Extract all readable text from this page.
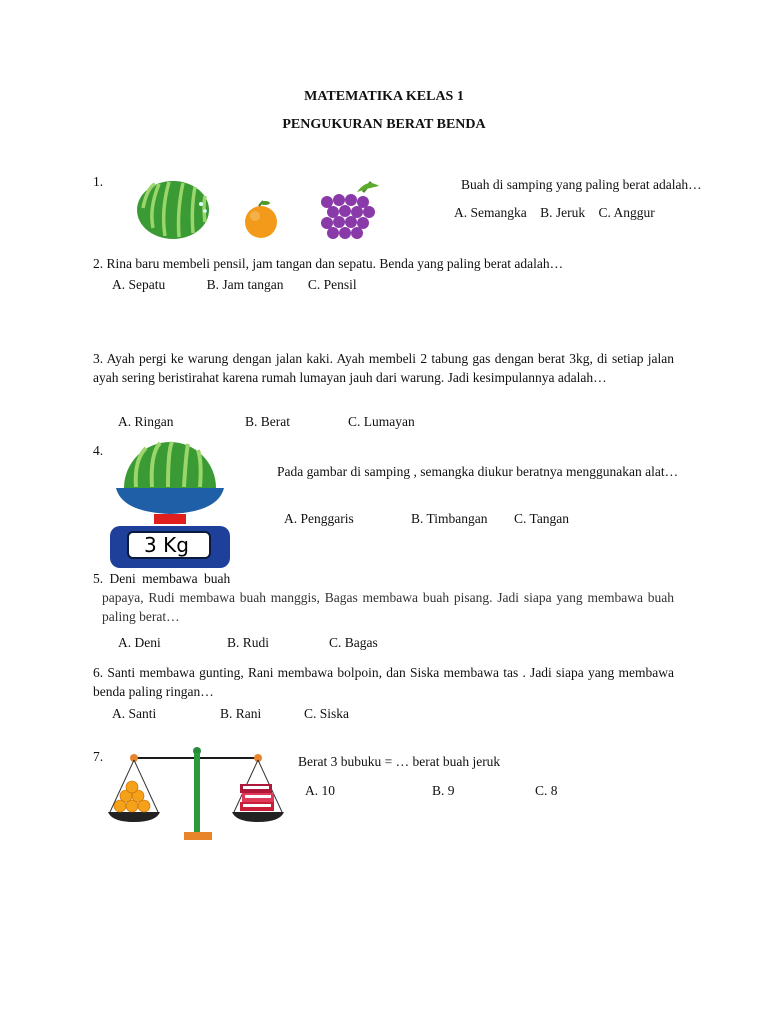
MATEMATIKA KELAS 1
PENGUKURAN BERAT BENDA
1.	Buah di samping yang paling berat adalah…
A. Semangka B. Jeruk C. Anggur
2. Rina baru membeli pensil, jam tangan dan sepatu. Benda yang paling berat adalah…
A. Sepatu	B. Jam tangan C. Pensil
3. Ayah pergi ke warung dengan jalan kaki. Ayah membeli 2 tabung gas dengan berat 3kg, di setiap jalan ayah sering beristirahat karena rumah lumayan jauh dari warung. Jadi kesimpulannya adalah…
A. Ringan	B. Berat	C. Lumayan
4.
3 Kg
Pada gambar di samping , semangka diukur beratnya menggunakan alat…
A. Penggaris	B. Timbangan C. Tangan
5. Deni membawa buah
papaya, Rudi membawa buah manggis, Bagas membawa buah pisang. Jadi siapa yang membawa buah paling berat…
A. Deni	B. Rudi	C. Bagas
6. Santi membawa gunting, Rani membawa bolpoin, dan Siska membawa tas . Jadi siapa yang membawa benda paling ringan…
A. Santi	B. Rani	C. Siska
7.	Berat 3 bubuku = … berat buah jeruk
A. 10	B. 9	C. 8
